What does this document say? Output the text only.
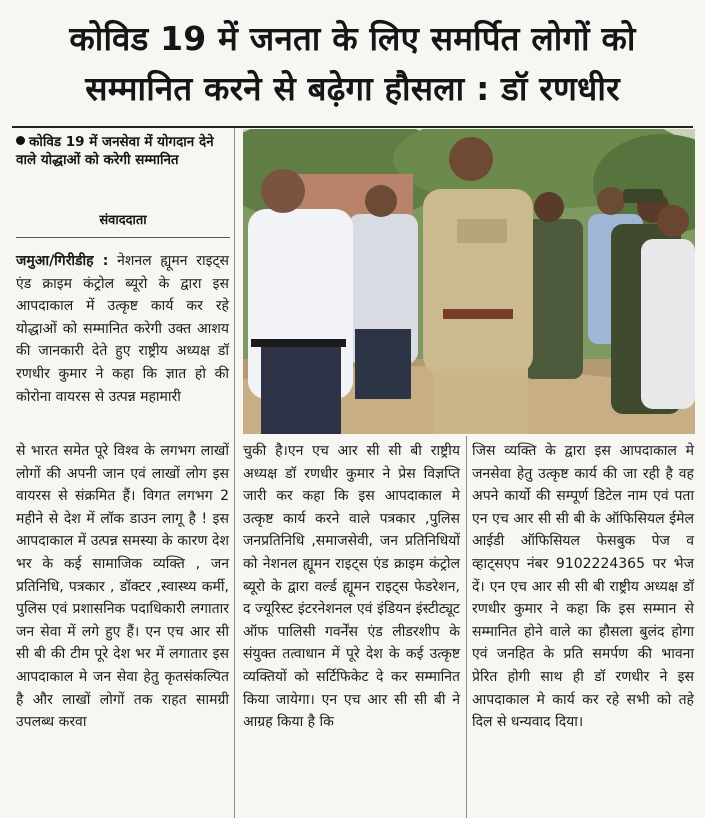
कोविड 19 में जनता के लिए समर्पित लोगों को
सम्मानित करने से बढ़ेगा हौसला : डॉ रणधीर
कोविड 19 में जनसेवा में योगदान देने वाले योद्धाओं को करेगी सम्मानित
संवाददाता

जमुआ/गिरीडीह : नेशनल ह्यूमन राइट्स एंड क्राइम कंट्रोल ब्यूरो के द्वारा इस आपदाकाल में उत्कृष्ट कार्य कर रहे योद्धाओं को सम्मानित करेगी उक्त आशय की जानकारी देते हुए राष्ट्रीय अध्यक्ष डॉ रणधीर कुमार ने कहा कि ज्ञात हो की कोरोना वायरस से उत्पन्न महामारी

से भारत समेत पूरे विश्व के लगभग लाखों लोगों की अपनी जान एवं लाखों लोग इस वायरस से संक्रमित हैं। विगत लगभग 2 महीने से देश में लॉक डाउन लागू है ! इस आपदाकाल में उत्पन्न समस्या के कारण देश भर के कई सामाजिक व्यक्ति , जन प्रतिनिधि, पत्रकार , डॉक्टर ,स्वास्थ्य कर्मी, पुलिस एवं प्रशासनिक पदाधिकारी लगातार जन सेवा में लगे हुए हैं। एन एच आर सी सी बी की टीम पूरे देश भर में लगातार इस आपदाकाल मे जन सेवा हेतु कृतसंकल्पित है और लाखों लोगों तक राहत सामग्री उपलब्ध करवा

चुकी है।एन एच आर सी सी बी राष्ट्रीय अध्यक्ष डॉ रणधीर कुमार ने प्रेस विज्ञप्ति जारी कर कहा कि इस आपदाकाल मे उत्कृष्ट कार्य करने वाले पत्रकार ,पुलिस जनप्रतिनिधि ,समाजसेवी, जन प्रतिनिधियों को नेशनल ह्यूमन राइट्स एंड क्राइम कंट्रोल ब्यूरो के द्वारा वर्ल्ड ह्यूमन राइट्स फेडरेशन, द ज्यूरिस्ट इंटरनेशनल एवं इंडियन इंस्टीट्यूट ऑफ पालिसी गवर्नेंस एंड लीडरशीप के संयुक्त तत्वाधान में पूरे देश के कई उत्कृष्ट व्यक्तियों को सर्टिफिकेट दे कर सम्मानित किया जायेगा। एन एच आर सी सी बी ने आग्रह किया है कि

जिस व्यक्ति के द्वारा इस आपदाकाल मे जनसेवा हेतु उत्कृष्ट कार्य की जा रही है वह अपने कार्यो की सम्पूर्ण डिटेल नाम एवं पता एन एच आर सी सी बी के ऑफिसियल ईमेल आईडी ऑफिसियल फेसबुक पेज व व्हाट्सएप नंबर 9102224365 पर भेज दें। एन एच आर सी सी बी राष्ट्रीय अध्यक्ष डॉ रणधीर कुमार ने कहा कि इस सम्मान से सम्मानित होने वाले का हौसला बुलंद होगा एवं जनहित के प्रति समर्पण की भावना प्रेरित होगी साथ ही डॉ रणधीर ने इस आपदाकाल मे कार्य कर रहे सभी को तहे दिल से धन्यवाद दिया।
